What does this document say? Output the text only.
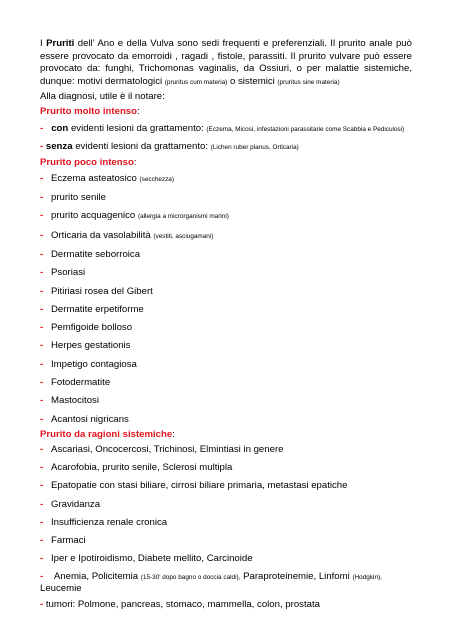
I Pruriti dell’ Ano e della Vulva sono sedi frequenti e preferenziali. Il prurito anale può essere provocato da emorroidi , ragadi , fistole, parassiti. Il prurito vulvare può essere provocato da: funghi, Trichomonas vaginalis, da Ossiuri, o per malattie sistemiche, dunque: motivi dermatologici (pruritus cum materia) o sistemici (pruritus sine materia)

Alla diagnosi, utile è il notare:

Prurito molto intenso:

- con evidenti lesioni da grattamento: (Eczema, Micosi, infestazioni parassitarie come Scabbia e Pediculosi)

- senza evidenti lesioni da grattamento: (Lichen ruber planus, Orticaria)

Prurito poco intenso:

- Eczema asteatosico (secchezza)

- prurito senile

- prurito acquagenico (allergia a microrganismi marini)

- Orticaria da vasolabilità (vestiti, asciugamani)

- Dermatite seborroica

- Psoriasi

- Pitiriasi rosea del Gibert

- Dermatite erpetiforme

- Pemfigoide bolloso

- Herpes gestationis

- Impetigo contagiosa

- Fotodermatite

- Mastocitosi

- Acantosi nigricans

Prurito da ragioni sistemiche:

- Ascariasi, Oncocercosi, Trichinosi, Elmintiasi in genere

- Acarofobia, prurito senile, Sclerosi multipla

- Epatopatie con stasi biliare, cirrosi biliare primaria, metastasi epatiche

- Gravidanza

- Insufficienza renale cronica

- Farmaci

- Iper e Ipotiroidismo, Diabete mellito, Carcinoide

- Anemia, Policitemia (15-30' dopo bagno o doccia caldi), Paraproteinemie, Linfomi (Hodgkin),
Leucemie

- tumori: Polmone, pancreas, stomaco, mammella, colon, prostata
